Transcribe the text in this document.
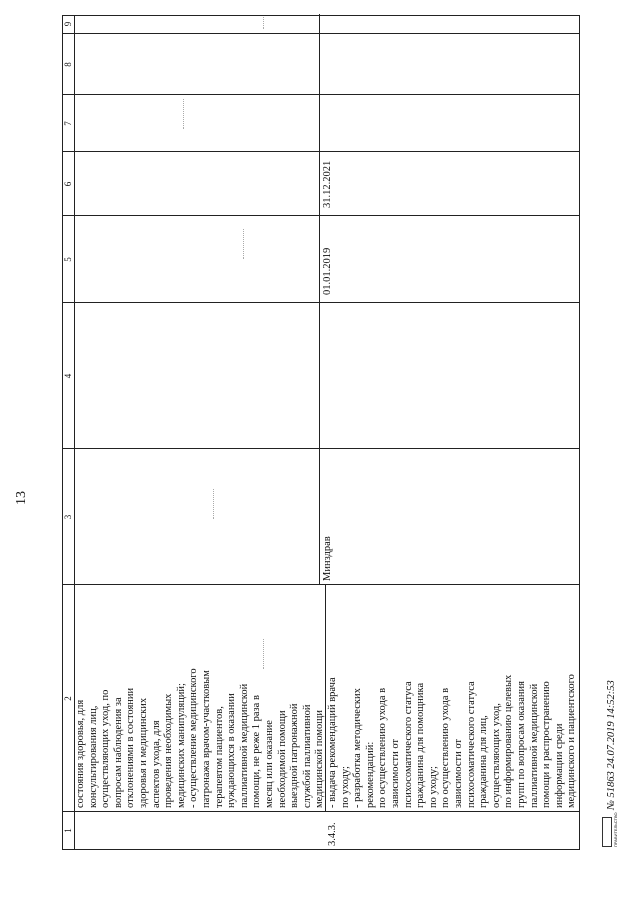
13
1
2
3
4
5
6
7
8
9
состояния здоровья, для консультирования лиц, осуществляющих уход, по вопросам наблюдения за отклонениями в состоянии здоровья и медицинских аспектов ухода, для проведения необходимых медицинских манипуляций; - осуществление медицинского патронажа врачом-участковым терапевтом пациентов, нуждающихся в оказании паллиативной медицинской помощи, не реже 1 раза в месяц или оказание необходимой помощи выездной патронажной службой паллиативной медицинской помощи
3.4.3.
- выдача рекомендаций врача по уходу; - разработка методических рекомендаций: по осуществлению ухода в зависимости от психосоматического статуса гражданина для помощника по уходу; по осуществлению ухода в зависимости от психосоматического статуса гражданина для лиц, осуществляющих уход, по информированию целевых групп по вопросам оказания паллиативной медицинской помощи и распространению информации среди медицинского и пациентского
Минздрав
01.01.2019
31.12.2021
ПРАВИТЕЛЬСТВО
№ 51863 24.07.2019 14:52:53
